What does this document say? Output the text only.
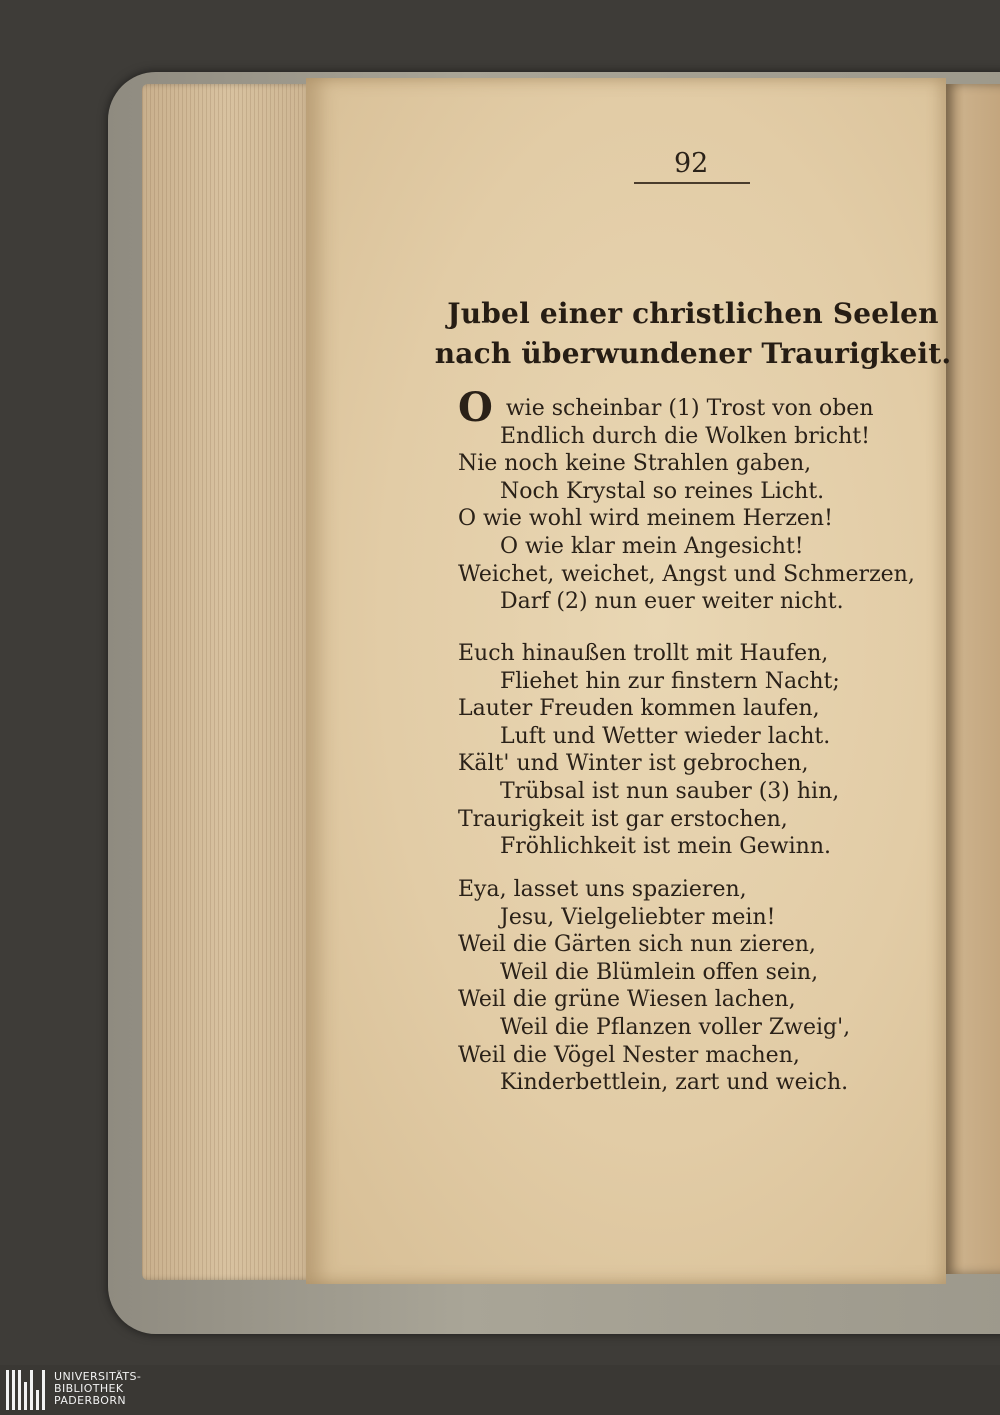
92
Jubel einer christlichen Seelen nach überwundener Traurigkeit.
O wie scheinbar (1) Trost von oben
Endlich durch die Wolken bricht!
Nie noch keine Strahlen gaben,
Noch Krystal so reines Licht.
O wie wohl wird meinem Herzen!
O wie klar mein Angesicht!
Weichet, weichet, Angst und Schmerzen,
Darf (2) nun euer weiter nicht.
Euch hinaußen trollt mit Haufen,
Fliehet hin zur finstern Nacht;
Lauter Freuden kommen laufen,
Luft und Wetter wieder lacht.
Kält' und Winter ist gebrochen,
Trübsal ist nun sauber (3) hin,
Traurigkeit ist gar erstochen,
Fröhlichkeit ist mein Gewinn.
Eya, lasset uns spazieren,
Jesu, Vielgeliebter mein!
Weil die Gärten sich nun zieren,
Weil die Blümlein offen sein,
Weil die grüne Wiesen lachen,
Weil die Pflanzen voller Zweig',
Weil die Vögel Nester machen,
Kinderbettlein, zart und weich.
UNIVERSITÄTS-
BIBLIOTHEK
PADERBORN
